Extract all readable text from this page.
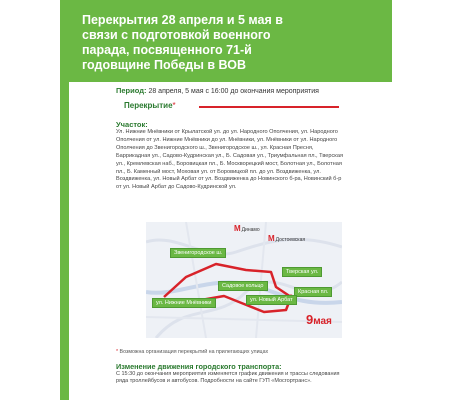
Перекрытия 28 апреля и 5 мая в связи с подготовкой военного парада, посвященного 71-й годовщине Победы в ВОВ
Период: 28 апреля, 5 мая с 16:00 до окончания мероприятия
Перекрытие*
Участок:
Ул. Нижние Мнёвники от Крылатской ул. до ул. Народного Ополчения, ул. Народного Ополчения от ул. Нижние Мнёвники до ул. Мнёвники, ул. Мнёвники от ул. Народного Ополчения до Звенигородского ш., Звенигородское ш., ул. Красная Пресня, Баррикадная ул., Садово-Кудринская ул., Б. Садовая ул., Триумфальная пл., Тверская ул., Кремлевская наб., Боровицкая пл., Б. Москворецкий мост, Болотная ул., Болотная пл., Б. Каменный мост, Моховая ул. от Боровицкой пл. до ул. Воздвиженка, ул. Воздвиженка, ул. Новый Арбат от ул. Воздвиженка до Новинского б-ра, Новинский б-р от ул. Новый Арбат до Садово-Кудринской ул.
Звенигородское ш.
Тверская ул.
Садовое кольцо
Красная пл.
ул. Новый Арбат
ул. Нижние Мнёвники
MДинамо
MДостоевская
9мая
* Возможна организация перекрытий на прилегающих улицах
Изменение движения городского транспорта:
С 15:30 до окончания мероприятия изменяется график движения и трассы следования ряда троллейбусов и автобусов. Подробности на сайте ГУП «Мосгортранс».
